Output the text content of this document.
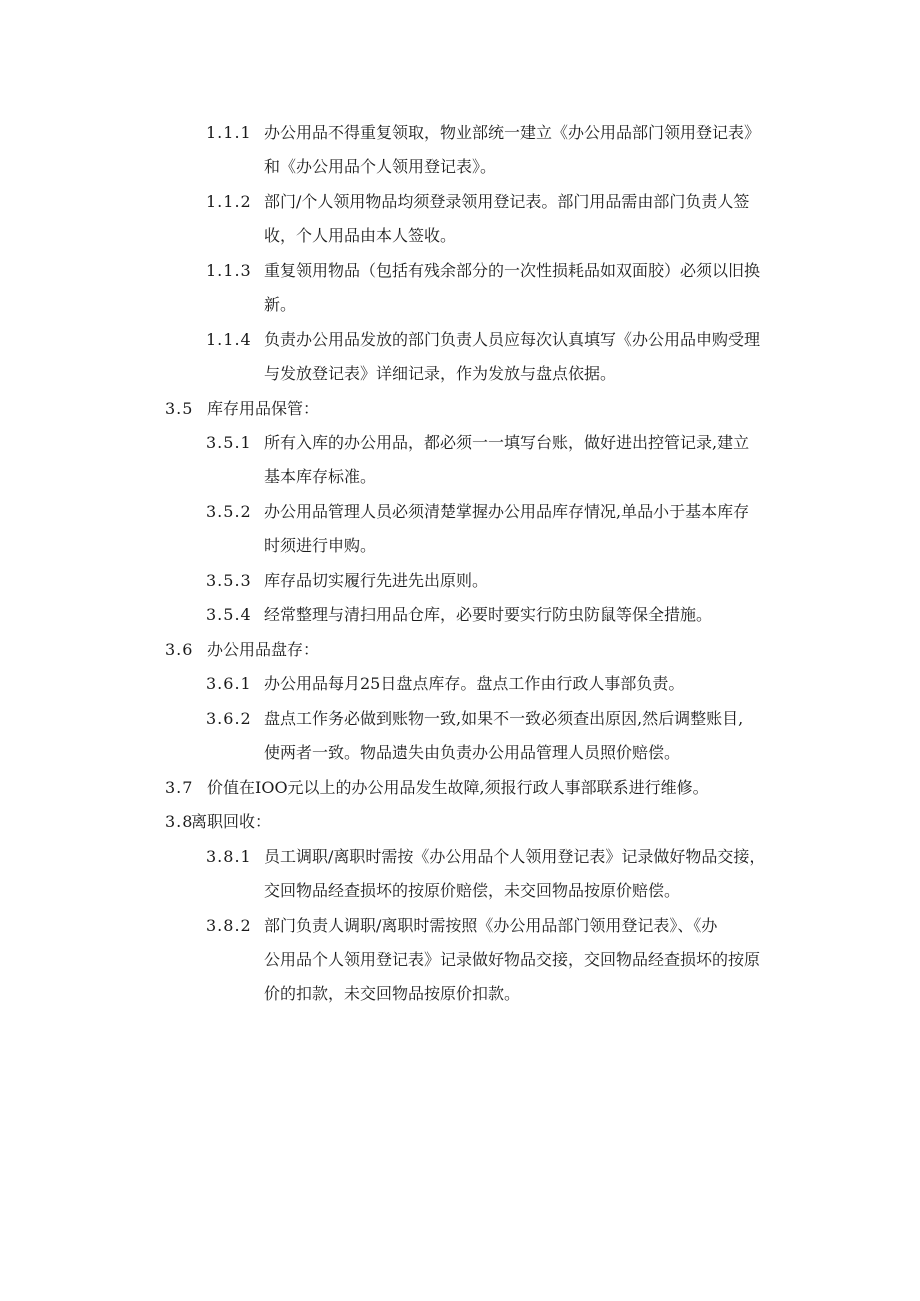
1.1.1 办公用品不得重复领取，物业部统一建立《办公用品部门领用登记表》
和《办公用品个人领用登记表》。
1.1.2 部门/个人领用物品均须登录领用登记表。部门用品需由部门负责人签
收，个人用品由本人签收。
1.1.3 重复领用物品（包括有残余部分的一次性损耗品如双面胶）必须以旧换
新。
1.1.4 负责办公用品发放的部门负责人员应每次认真填写《办公用品申购受理
与发放登记表》详细记录，作为发放与盘点依据。
3.5 库存用品保管：
3.5.1 所有入库的办公用品，都必须一一填写台账，做好进出控管记录,建立
基本库存标准。
3.5.2 办公用品管理人员必须清楚掌握办公用品库存情况,单品小于基本库存
时须进行申购。
3.5.3 库存品切实履行先进先出原则。
3.5.4 经常整理与清扫用品仓库，必要时要实行防虫防鼠等保全措施。
3.6 办公用品盘存：
3.6.1 办公用品每月25日盘点库存。盘点工作由行政人事部负责。
3.6.2 盘点工作务必做到账物一致,如果不一致必须查出原因,然后调整账目,
使两者一致。物品遗失由负责办公用品管理人员照价赔偿。
3.7 价值在IOO元以上的办公用品发生故障,须报行政人事部联系进行维修。
3.8
离职回收：
3.8.1 员工调职/离职时需按《办公用品个人领用登记表》记录做好物品交接，
交回物品经查损坏的按原价赔偿，未交回物品按原价赔偿。
3.8.2 部门负责人调职/离职时需按照《办公用品部门领用登记表》、《办
公用品个人领用登记表》记录做好物品交接，交回物品经查损坏的按原
价的扣款，未交回物品按原价扣款。
